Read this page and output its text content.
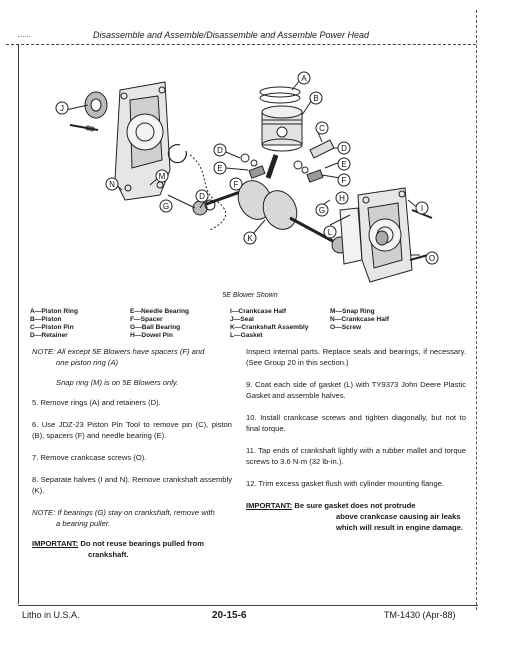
Disassemble and Assemble/Disassemble and Assemble Power Head
J
A
B
C
D
D
E
F
E
F
M
N
G
D
G
H
I
K
L
O
5E Blower Shown
A—Piston Ring
B—Piston
C—Piston Pin
D—Retainer
E—Needle Bearing
F—Spacer
G—Ball Bearing
H—Dowel Pin
I—Crankcase Half
J—Seal
K—Crankshaft Assembly
L—Gasket
M—Snap Ring
N—Crankcase Half
O—Screw
NOTE: All except 5E Blowers have spacers (F) and
one piston ring (A)
Snap ring (M) is on 5E Blowers only.
5. Remove rings (A) and retainers (D).
6. Use JDZ-23 Piston Pin Tool to remove pin (C), piston (B), spacers (F) and needle bearing (E).
7. Remove crankcase screws (O).
8. Separate halves (I and N). Remove crankshaft assembly (K).
NOTE: If bearings (G) stay on crankshaft, remove with
a bearing puller.
IMPORTANT: Do not reuse bearings pulled from
crankshaft.
Inspect internal parts. Replace seals and bearings, if necessary. (See Group 20 in this section.)
9. Coat each side of gasket (L) with TY9373 John Deere Plastic Gasket and assemble halves.
10. Install crankcase screws and tighten diagonally, but not to final torque.
11. Tap ends of crankshaft lightly with a rubber mallet and torque screws to 3.6 N·m (32 lb-in.).
12. Trim excess gasket flush with cylinder mounting flange.
IMPORTANT: Be sure gasket does not protrude
above crankcase causing air leaks
which will result in engine damage.
Litho in U.S.A.	20-15-6	TM-1430 (Apr-88)
